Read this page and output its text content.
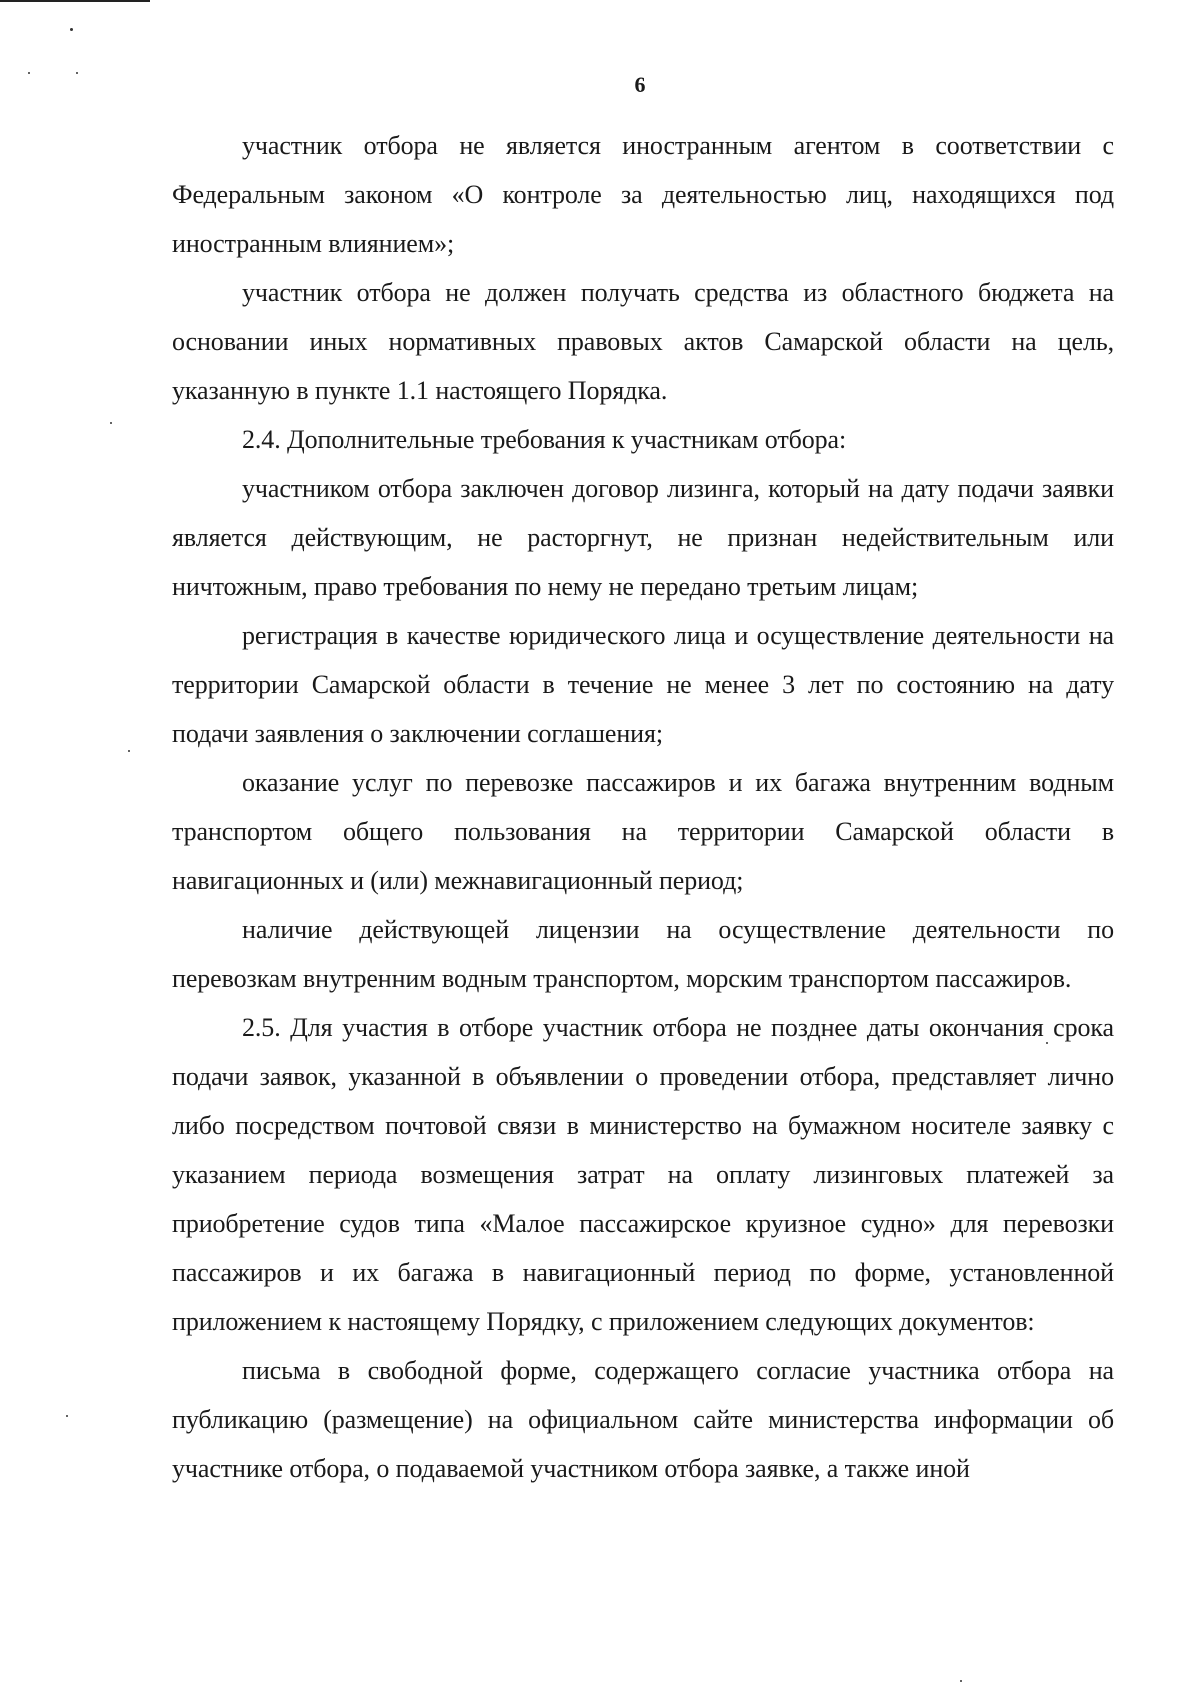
6

участник отбора не является иностранным агентом в соответствии с Федеральным законом «О контроле за деятельностью лиц, находящихся под иностранным влиянием»;

участник отбора не должен получать средства из областного бюджета на основании иных нормативных правовых актов Самарской области на цель, указанную в пункте 1.1 настоящего Порядка.

2.4. Дополнительные требования к участникам отбора:

участником отбора заключен договор лизинга, который на дату подачи заявки является действующим, не расторгнут, не признан недействительным или ничтожным, право требования по нему не передано третьим лицам;

регистрация в качестве юридического лица и осуществление деятельности на территории Самарской области в течение не менее 3 лет по состоянию на дату подачи заявления о заключении соглашения;

оказание услуг по перевозке пассажиров и их багажа внутренним водным транспортом общего пользования на территории Самарской области в навигационных и (или) межнавигационный период;

наличие действующей лицензии на осуществление деятельности по перевозкам внутренним водным транспортом, морским транспортом пассажиров.

2.5. Для участия в отборе участник отбора не позднее даты окончания срока подачи заявок, указанной в объявлении о проведении отбора, представляет лично либо посредством почтовой связи в министерство на бумажном носителе заявку с указанием периода возмещения затрат на оплату лизинговых платежей за приобретение судов типа «Малое пассажирское круизное судно» для перевозки пассажиров и их багажа в навигационный период по форме, установленной приложением к настоящему Порядку, с приложением следующих документов:

письма в свободной форме, содержащего согласие участника отбора на публикацию (размещение) на официальном сайте министерства информации об участнике отбора, о подаваемой участником отбора заявке, а также иной
